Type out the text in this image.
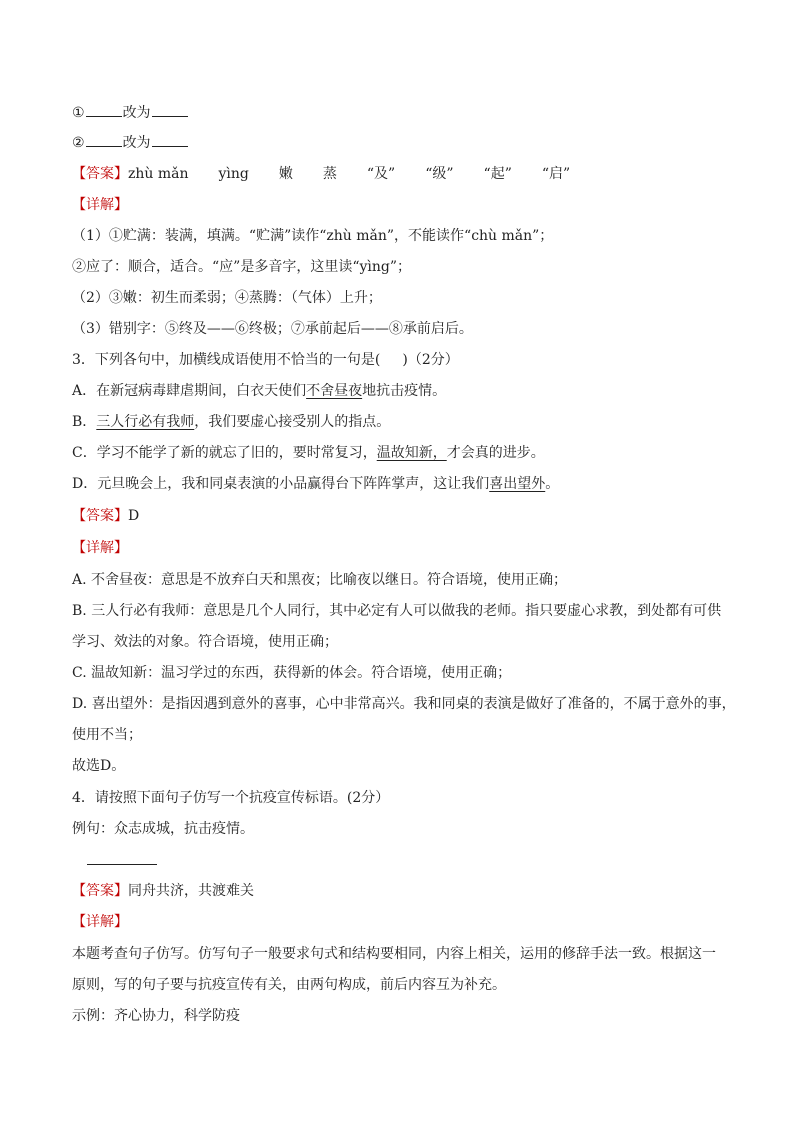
①	改为
②	改为
【答案】zhù mǎn yìng 嫩 蒸 “及” “级” “起” “启”
【详解】
（1）①贮满：装满，填满。“贮满”读作“zhù mǎn”，不能读作“chù mǎn”；
②应了：顺合，适合。“应”是多音字，这里读“yìng”；
（2）③嫩：初生而柔弱；④蒸腾：（气体）上升；
（3）错别字：⑤终及——⑥终极；⑦承前起后——⑧承前启后。
3．下列各句中，加横线成语使用不恰当的一句是( )（2分）
A．在新冠病毒肆虐期间，白衣天使们不舍昼夜地抗击疫情。
B．三人行必有我师，我们要虚心接受别人的指点。
C．学习不能学了新的就忘了旧的，要时常复习，温故知新，才会真的进步。
D．元旦晚会上，我和同桌表演的小品赢得台下阵阵掌声，这让我们喜出望外。
【答案】D
【详解】
A. 不舍昼夜：意思是不放弃白天和黑夜；比喻夜以继日。符合语境，使用正确；
B. 三人行必有我师：意思是几个人同行，其中必定有人可以做我的老师。指只要虚心求教，到处都有可供
学习、效法的对象。符合语境，使用正确；
C. 温故知新：温习学过的东西，获得新的体会。符合语境，使用正确；
D. 喜出望外：是指因遇到意外的喜事，心中非常高兴。我和同桌的表演是做好了准备的，不属于意外的事，
使用不当；
故选D。
4．请按照下面句子仿写一个抗疫宣传标语。(2分）
例句：众志成城，抗击疫情。
【答案】同舟共济，共渡难关
【详解】
本题考查句子仿写。仿写句子一般要求句式和结构要相同，内容上相关，运用的修辞手法一致。根据这一
原则，写的句子要与抗疫宣传有关，由两句构成，前后内容互为补充。
示例：齐心协力，科学防疫
